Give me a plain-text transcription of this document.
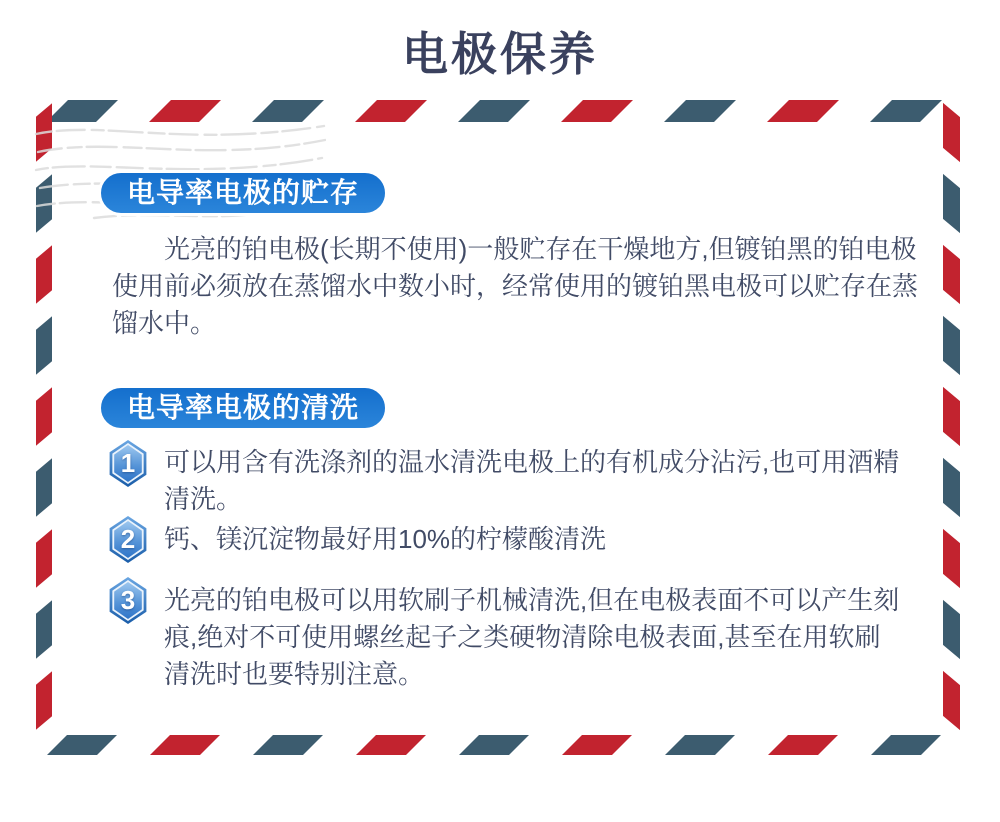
电极保养
电导率电极的贮存
光亮的铂电极(长期不使用)一般贮存在干燥地方,但镀铂黑的铂电极使用前必须放在蒸馏水中数小时，经常使用的镀铂黑电极可以贮存在蒸馏水中。
电导率电极的清洗
1	可以用含有洗涤剂的温水清洗电极上的有机成分沾污,也可用酒精清洗。
2	钙、镁沉淀物最好用10%的柠檬酸清洗
3	光亮的铂电极可以用软刷子机械清洗,但在电极表面不可以产生刻痕,绝对不可使用螺丝起子之类硬物清除电极表面,甚至在用软刷清洗时也要特别注意。
